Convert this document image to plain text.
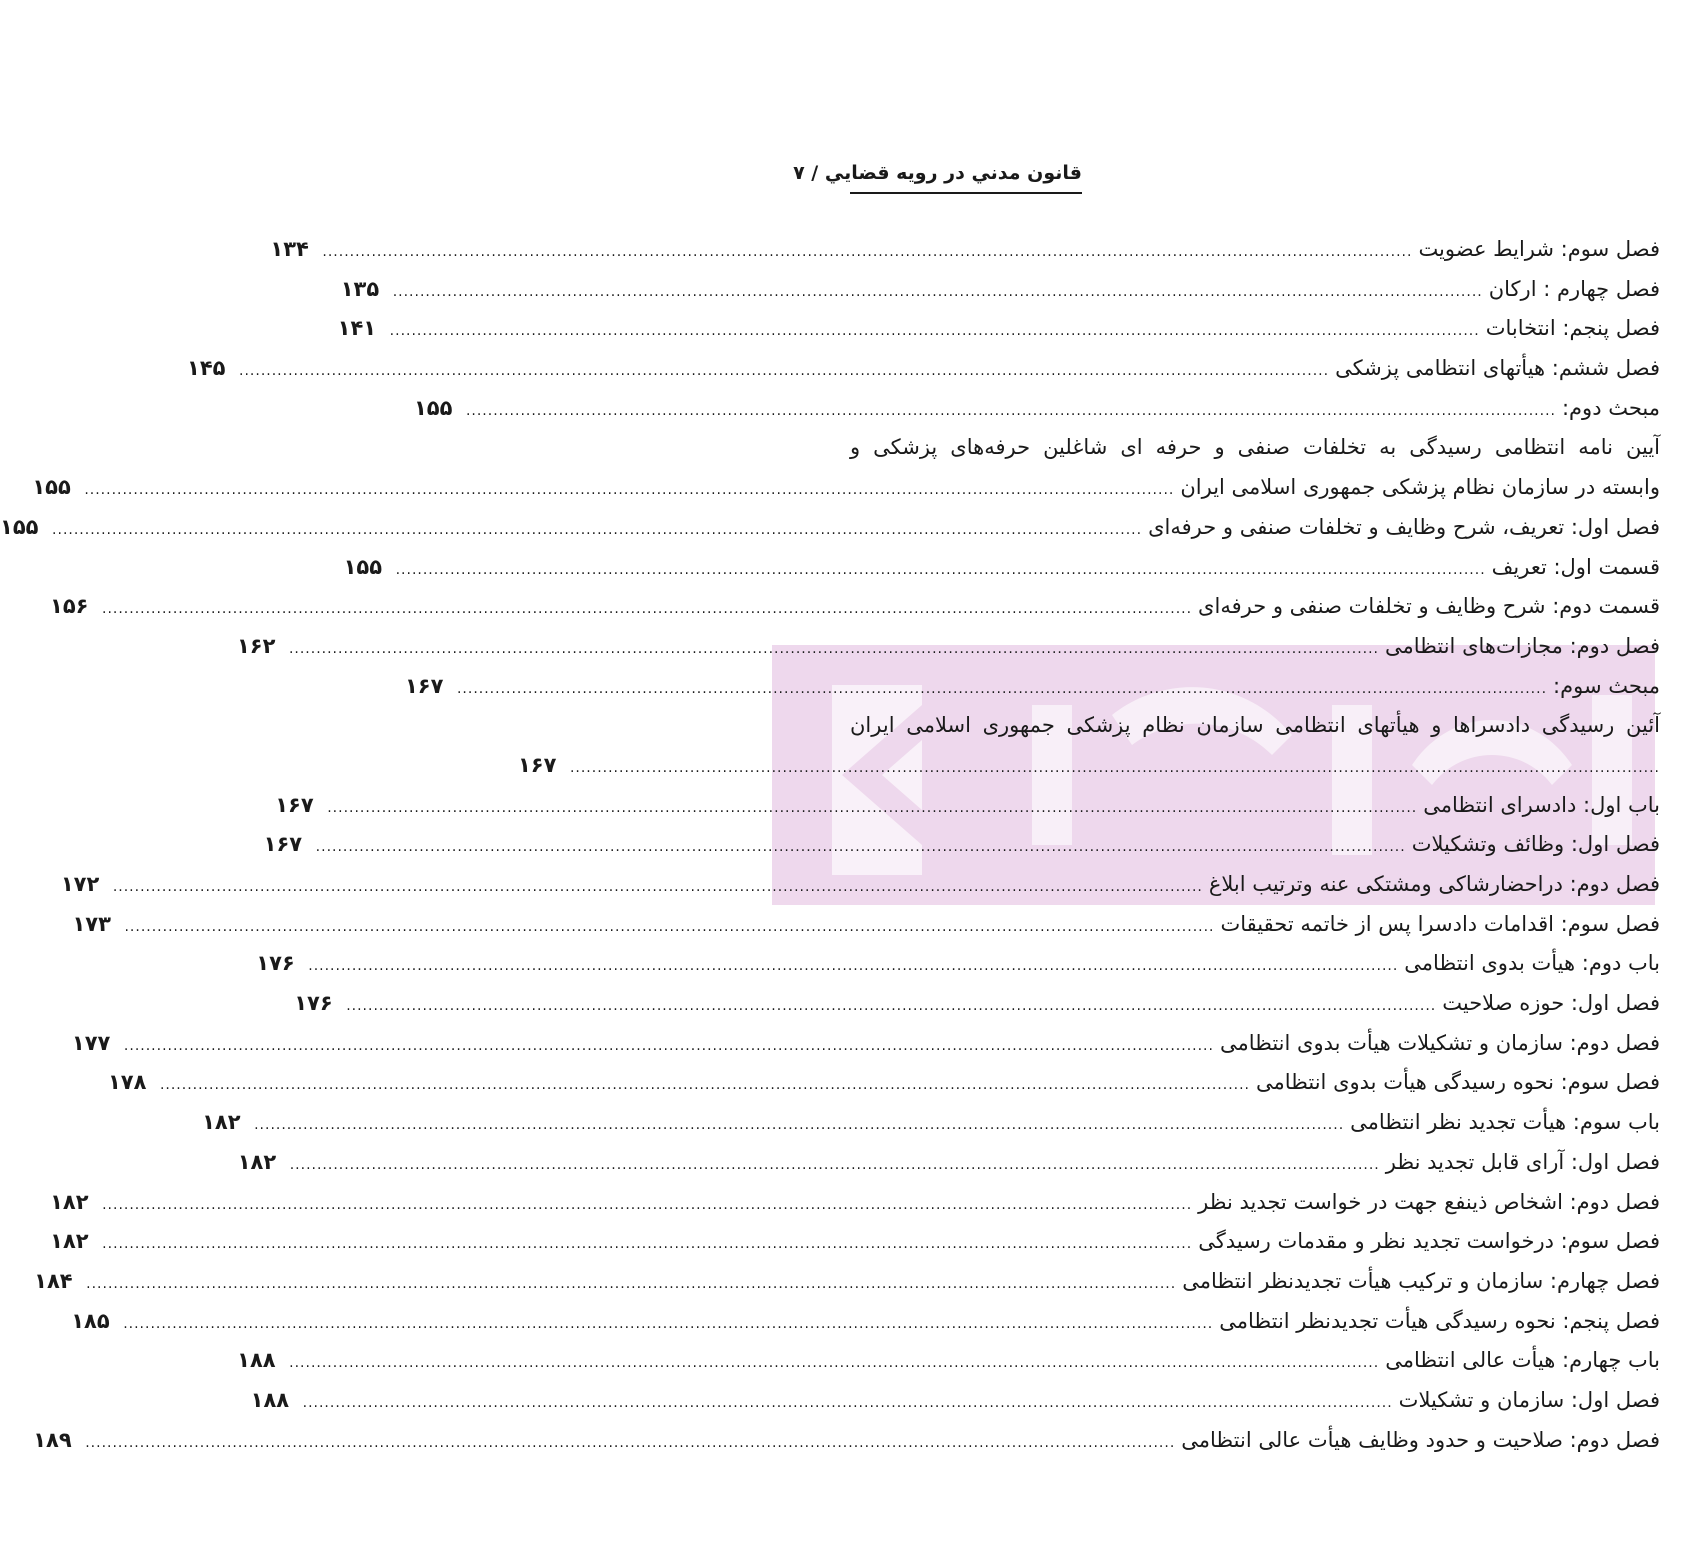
قانون مدني در رويه قضايي / ۷
فصل سوم: شرایط عضویت
........................................................................................................................................................................................................
۱۳۴
فصل چهارم : ارکان
........................................................................................................................................................................................................
۱۳۵
فصل پنجم: انتخابات
........................................................................................................................................................................................................
۱۴۱
فصل ششم: هیأتهای انتظامی پزشکی
........................................................................................................................................................................................................
۱۴۵
مبحث دوم:
........................................................................................................................................................................................................
۱۵۵
آیین نامه انتظامی رسیدگی به تخلفات صنفی و حرفه ای شاغلین حرفه‌های پزشکی و
وابسته در سازمان نظام پزشکی جمهوری اسلامی ایران
........................................................................................................................................................................................................
۱۵۵
فصل اول: تعریف، شرح وظایف و تخلفات صنفی و حرفه‌ای
........................................................................................................................................................................................................
۱۵۵
قسمت اول: تعریف
........................................................................................................................................................................................................
۱۵۵
قسمت دوم: شرح وظایف و تخلفات صنفی و حرفه‌ای
........................................................................................................................................................................................................
۱۵۶
فصل دوم: مجازات‌های انتظامی
........................................................................................................................................................................................................
۱۶۲
مبحث سوم:
........................................................................................................................................................................................................
۱۶۷
آئین رسیدگی دادسراها و هیأتهای انتظامی سازمان نظام پزشکی جمهوری اسلامی ایران
........................................................................................................................................................................................................
۱۶۷
باب اول: دادسرای انتظامی
........................................................................................................................................................................................................
۱۶۷
فصل اول: وظائف وتشکیلات
........................................................................................................................................................................................................
۱۶۷
فصل دوم: دراحضارشاکی ومشتکی عنه وترتیب ابلاغ
........................................................................................................................................................................................................
۱۷۲
فصل سوم: اقدامات دادسرا پس از خاتمه تحقیقات
........................................................................................................................................................................................................
۱۷۳
باب دوم: هیأت بدوی انتظامی
........................................................................................................................................................................................................
۱۷۶
فصل اول: حوزه صلاحیت
........................................................................................................................................................................................................
۱۷۶
فصل دوم: سازمان و تشکیلات هیأت بدوی انتظامی
........................................................................................................................................................................................................
۱۷۷
فصل سوم: نحوه رسیدگی هیأت بدوی انتظامی
........................................................................................................................................................................................................
۱۷۸
باب سوم: هیأت تجدید نظر انتظامی
........................................................................................................................................................................................................
۱۸۲
فصل اول: آرای قابل تجدید نظر
........................................................................................................................................................................................................
۱۸۲
فصل دوم: اشخاص ذینفع جهت در خواست تجدید نظر
........................................................................................................................................................................................................
۱۸۲
فصل سوم: درخواست تجدید نظر و مقدمات رسیدگی
........................................................................................................................................................................................................
۱۸۲
فصل چهارم: سازمان و ترکیب هیأت تجدیدنظر انتظامی
........................................................................................................................................................................................................
۱۸۴
فصل پنجم: نحوه رسیدگی هیأت تجدیدنظر انتظامی
........................................................................................................................................................................................................
۱۸۵
باب چهارم: هیأت عالی انتظامی
........................................................................................................................................................................................................
۱۸۸
فصل اول: سازمان و تشکیلات
........................................................................................................................................................................................................
۱۸۸
فصل دوم: صلاحیت و حدود وظایف هیأت عالی انتظامی
........................................................................................................................................................................................................
۱۸۹
